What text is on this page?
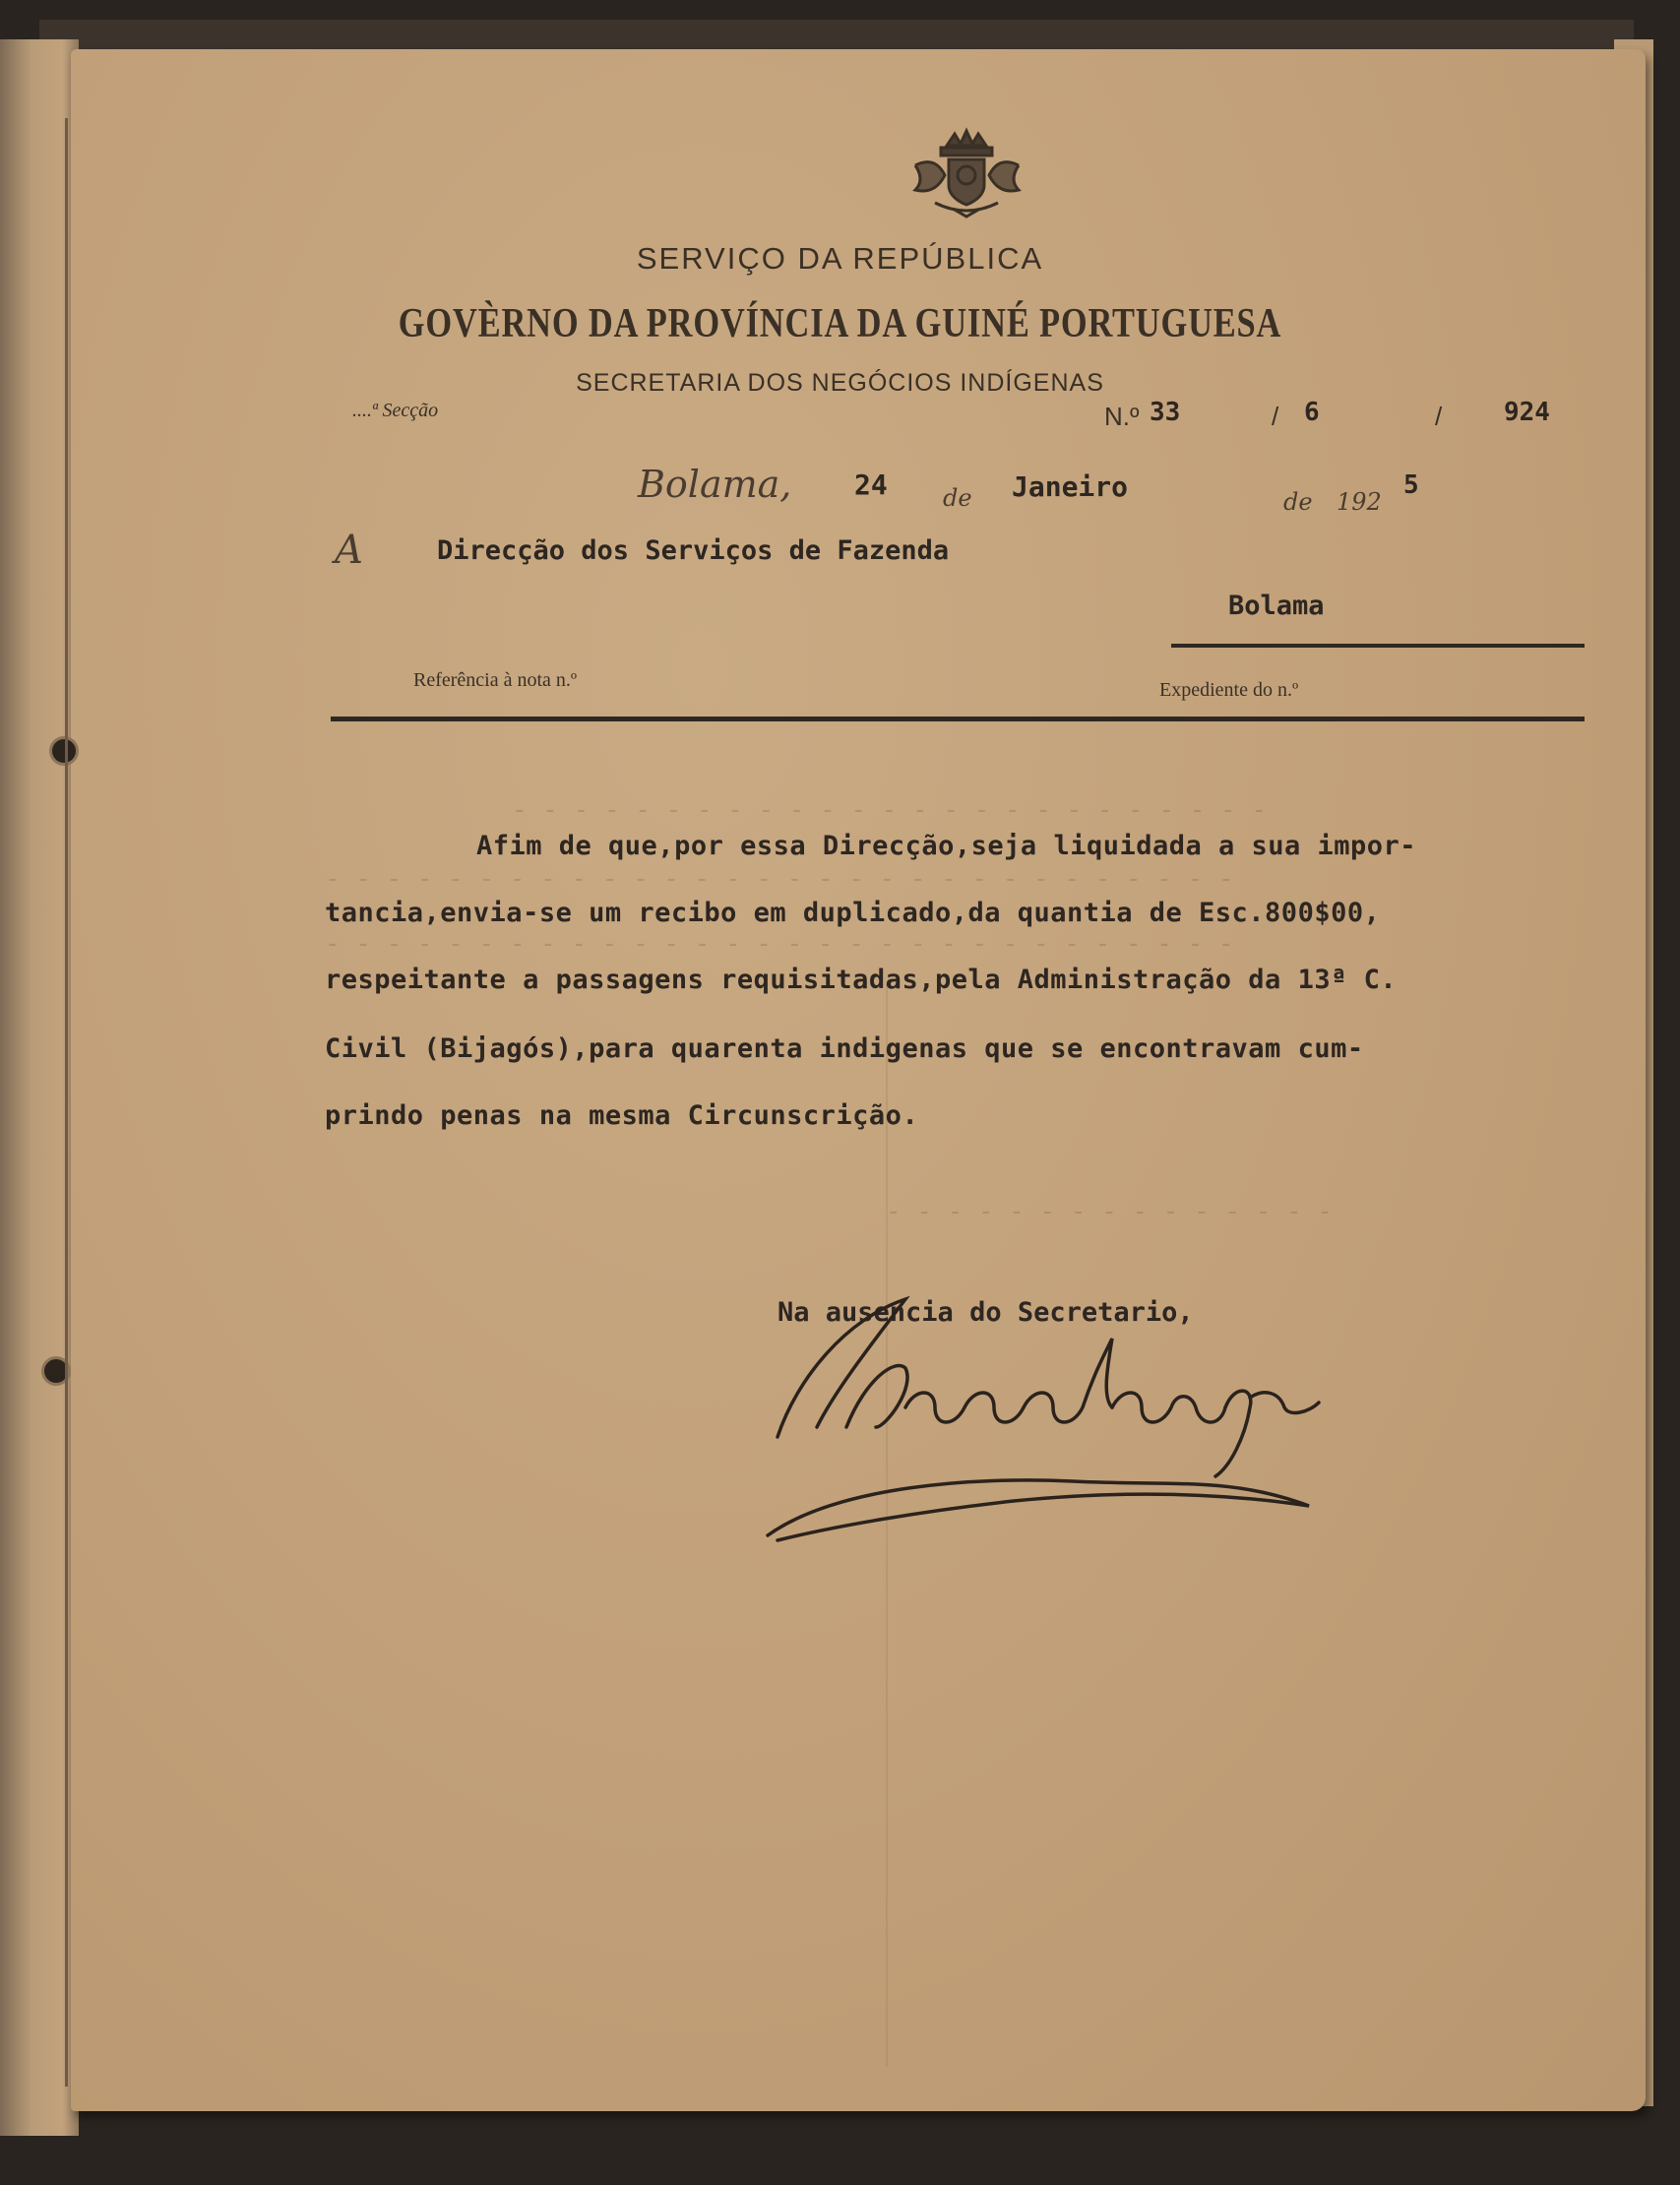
SERVIÇO DA REPÚBLICA
GOVÈRNO DA PROVÍNCIA DA GUINÉ PORTUGUESA
SECRETARIA DOS NEGÓCIOS INDÍGENAS
....ª Secção	N.º 33	/ 6	/ 924
Bolama, 24 de Janeiro	de 192
5
A	Direcção dos Serviços de Fazenda
Bolama
Referência à nota n.º	Expediente do n.º
Afim de que,por essa Direcção,seja liquidada a sua impor-
tancia,envia-se um recibo em duplicado,da quantia de Esc.800$00,
respeitante a passagens requisitadas,pela Administração da 13ª C.
Civil (Bijagós),para quarenta indigenas que se encontravam cum-
prindo penas na mesma Circunscrição.
Na ausencia do Secretario,
- - - - - - - - - - - - - - - - - - - - - - - - -
- - - - - - - - - - - - - - - - - - - - - - - - - - - - - -
- - - - - - - - - - - - - - - - - - - - - - - - - - - - - -
- - - - - - - - - - - - - - -
